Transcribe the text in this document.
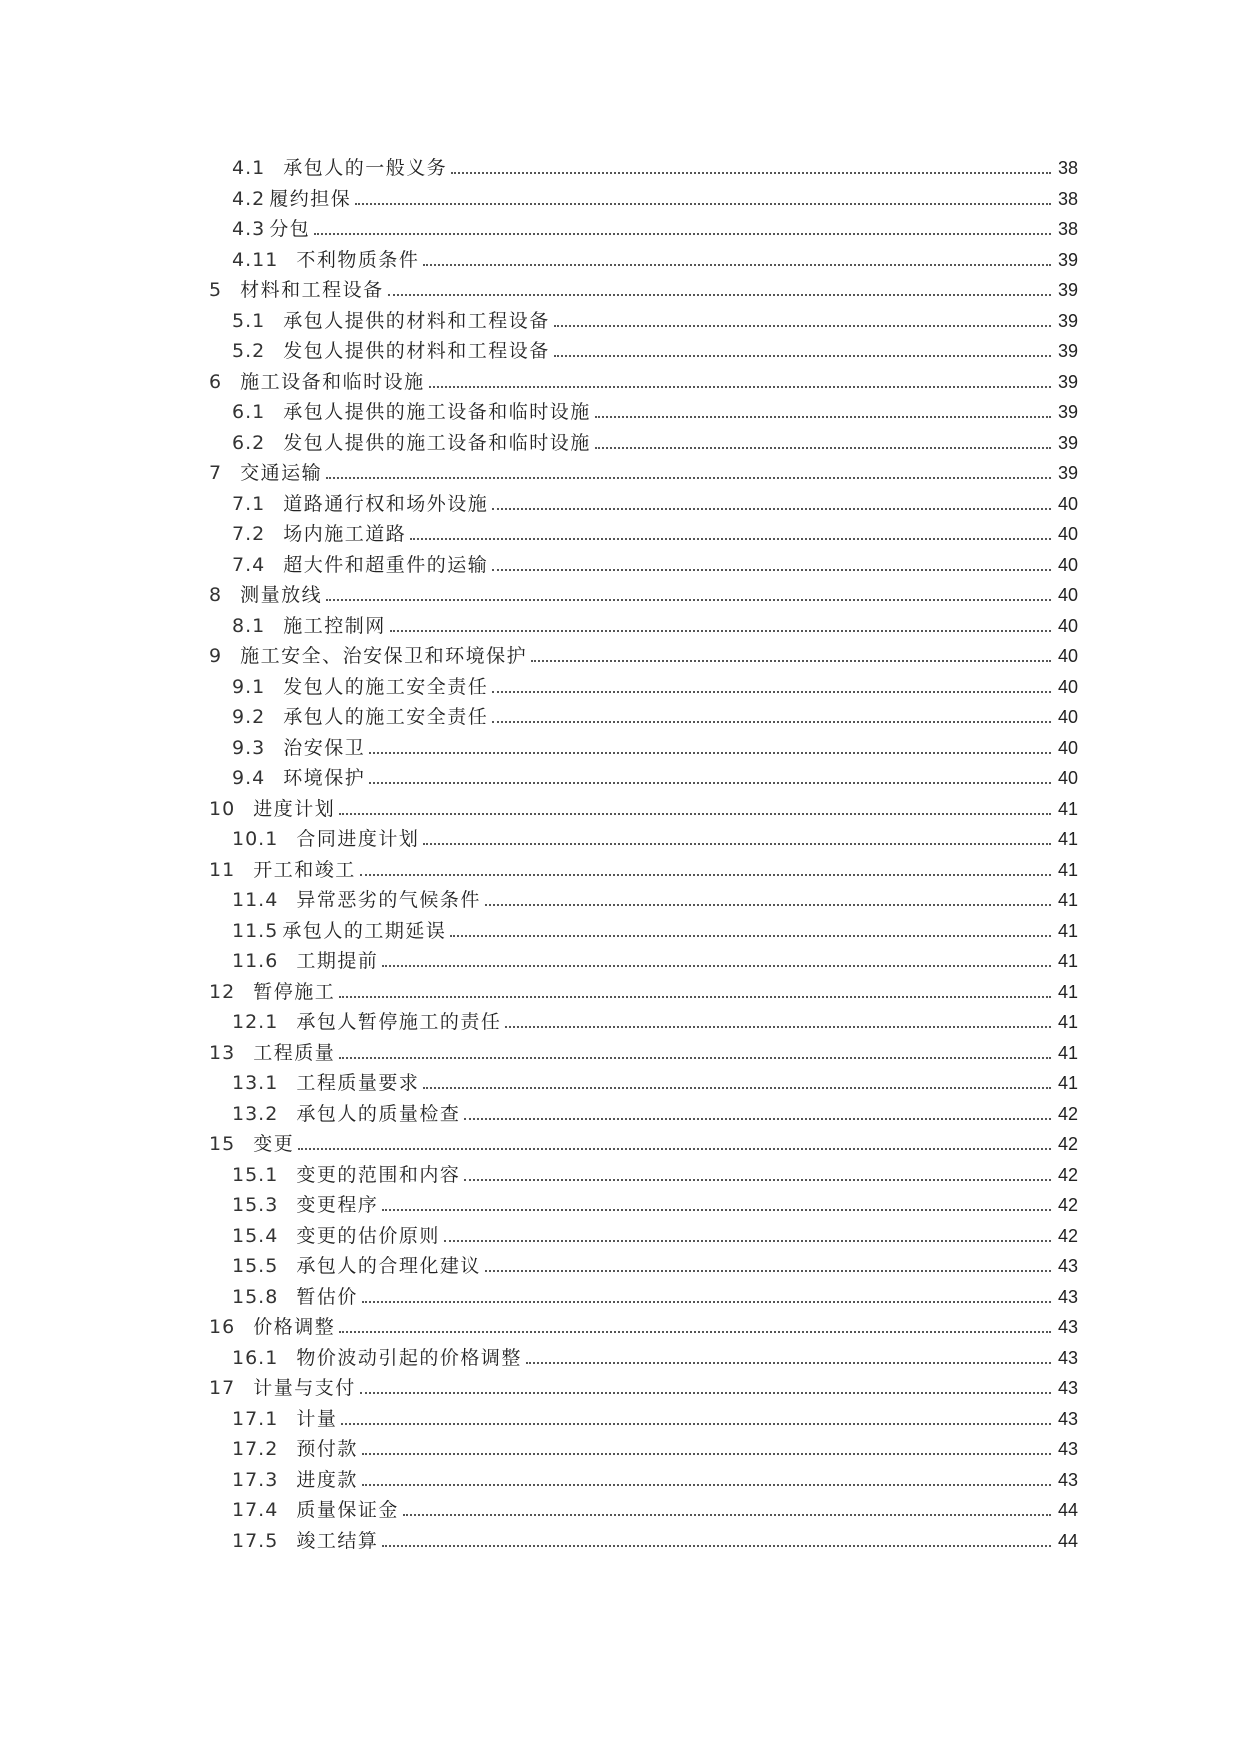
4.1 承包人的一般义务	38
4.2 履约担保	38
4.3 分包	38
4.11 不利物质条件	39
5 材料和工程设备	39
5.1 承包人提供的材料和工程设备	39
5.2 发包人提供的材料和工程设备	39
6 施工设备和临时设施	39
6.1 承包人提供的施工设备和临时设施	39
6.2 发包人提供的施工设备和临时设施	39
7 交通运输	39
7.1 道路通行权和场外设施	40
7.2 场内施工道路	40
7.4 超大件和超重件的运输	40
8 测量放线	40
8.1 施工控制网	40
9 施工安全、治安保卫和环境保护	40
9.1 发包人的施工安全责任	40
9.2 承包人的施工安全责任	40
9.3 治安保卫	40
9.4 环境保护	40
10 进度计划	41
10.1 合同进度计划	41
11 开工和竣工	41
11.4 异常恶劣的气候条件	41
11.5 承包人的工期延误	41
11.6 工期提前	41
12 暂停施工	41
12.1 承包人暂停施工的责任	41
13 工程质量	41
13.1 工程质量要求	41
13.2 承包人的质量检查	42
15 变更	42
15.1 变更的范围和内容	42
15.3 变更程序	42
15.4 变更的估价原则	42
15.5 承包人的合理化建议	43
15.8 暂估价	43
16 价格调整	43
16.1 物价波动引起的价格调整	43
17 计量与支付	43
17.1 计量	43
17.2 预付款	43
17.3 进度款	43
17.4 质量保证金	44
17.5 竣工结算	44
